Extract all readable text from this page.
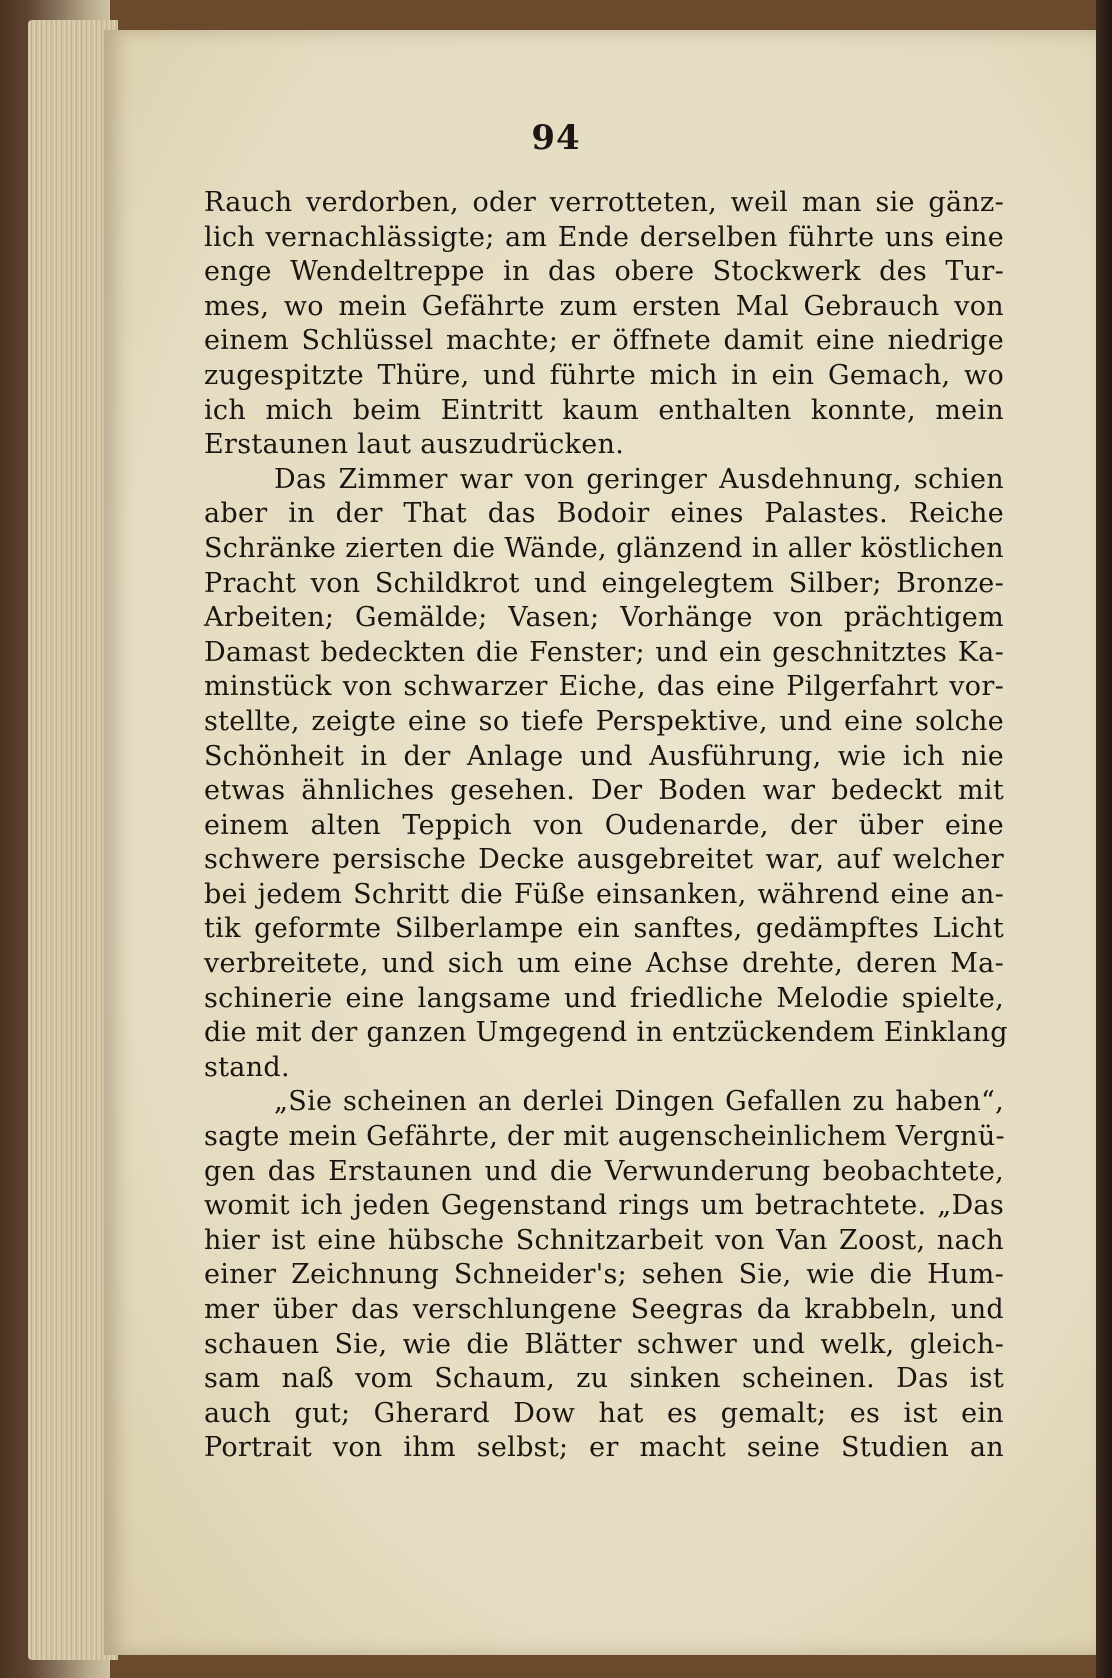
94
Rauch verdorben, oder verrotteten, weil man sie gänz-
lich vernachlässigte; am Ende derselben führte uns eine
enge Wendeltreppe in das obere Stockwerk des Tur-
mes, wo mein Gefährte zum ersten Mal Gebrauch von
einem Schlüssel machte; er öffnete damit eine niedrige
zugespitzte Thüre, und führte mich in ein Gemach, wo
ich mich beim Eintritt kaum enthalten konnte, mein
Erstaunen laut auszudrücken.
Das Zimmer war von geringer Ausdehnung, schien
aber in der That das Bodoir eines Palastes. Reiche
Schränke zierten die Wände, glänzend in aller köstlichen
Pracht von Schildkrot und eingelegtem Silber; Bronze-
Arbeiten; Gemälde; Vasen; Vorhänge von prächtigem
Damast bedeckten die Fenster; und ein geschnitztes Ka-
minstück von schwarzer Eiche, das eine Pilgerfahrt vor-
stellte, zeigte eine so tiefe Perspektive, und eine solche
Schönheit in der Anlage und Ausführung, wie ich nie
etwas ähnliches gesehen. Der Boden war bedeckt mit
einem alten Teppich von Oudenarde, der über eine
schwere persische Decke ausgebreitet war, auf welcher
bei jedem Schritt die Füße einsanken, während eine an-
tik geformte Silberlampe ein sanftes, gedämpftes Licht
verbreitete, und sich um eine Achse drehte, deren Ma-
schinerie eine langsame und friedliche Melodie spielte,
die mit der ganzen Umgegend in entzückendem Einklang
stand.
„Sie scheinen an derlei Dingen Gefallen zu haben“,
sagte mein Gefährte, der mit augenscheinlichem Vergnü-
gen das Erstaunen und die Verwunderung beobachtete,
womit ich jeden Gegenstand rings um betrachtete. „Das
hier ist eine hübsche Schnitzarbeit von Van Zoost, nach
einer Zeichnung Schneider's; sehen Sie, wie die Hum-
mer über das verschlungene Seegras da krabbeln, und
schauen Sie, wie die Blätter schwer und welk, gleich-
sam naß vom Schaum, zu sinken scheinen. Das ist
auch gut; Gherard Dow hat es gemalt; es ist ein
Portrait von ihm selbst; er macht seine Studien an
